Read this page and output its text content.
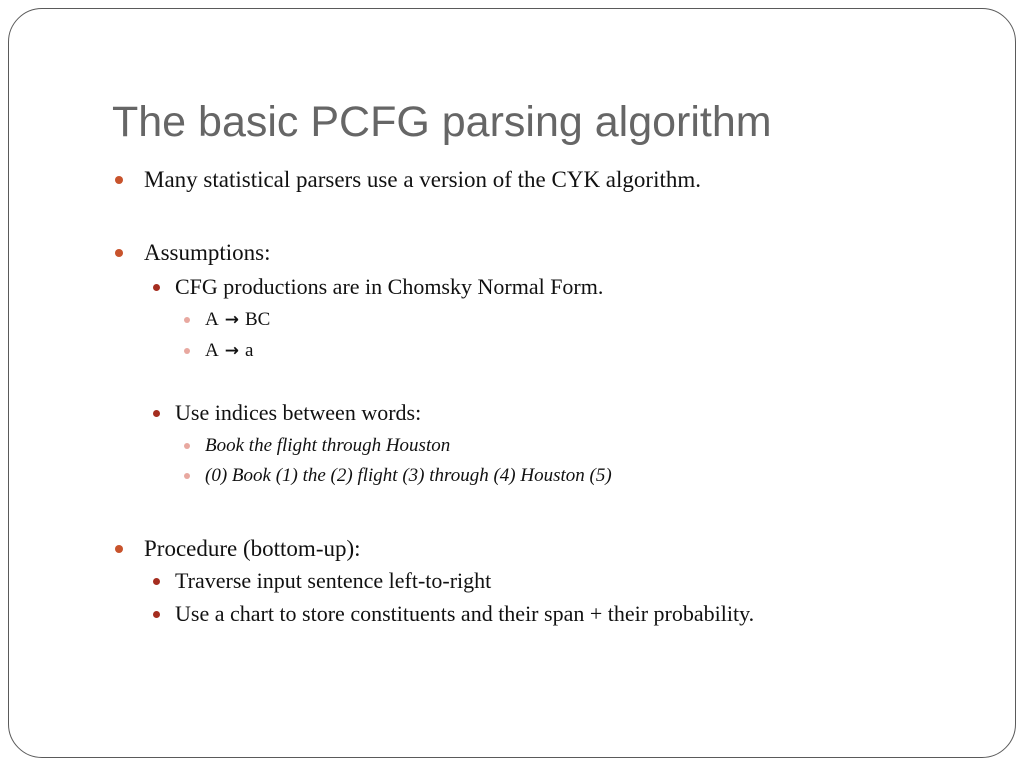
The basic PCFG parsing algorithm
Many statistical parsers use a version of the CYK algorithm.
Assumptions:
CFG productions are in Chomsky Normal Form.
A → BC
A → a
Use indices between words:
Book the flight through Houston
(0) Book (1) the (2) flight (3) through (4) Houston (5)
Procedure (bottom-up):
Traverse input sentence left-to-right
Use a chart to store constituents and their span + their probability.
